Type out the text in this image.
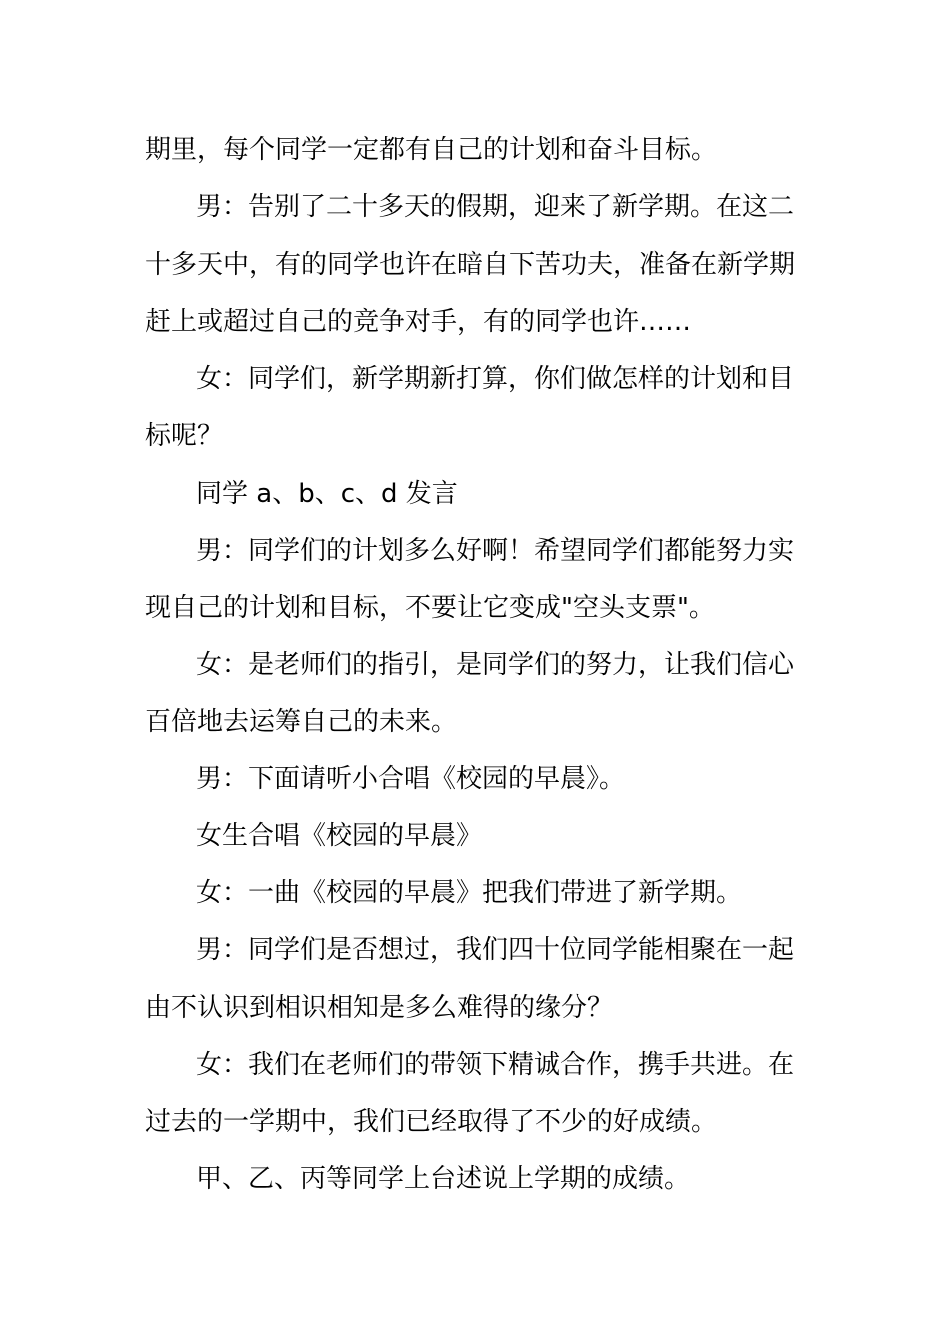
期里，每个同学一定都有自己的计划和奋斗目标。
男：告别了二十多天的假期，迎来了新学期。在这二
十多天中，有的同学也许在暗自下苦功夫，准备在新学期
赶上或超过自己的竞争对手，有的同学也许……
女：同学们，新学期新打算，你们做怎样的计划和目
标呢？
同学 a、b、c、d 发言
男：同学们的计划多么好啊！希望同学们都能努力实
现自己的计划和目标，不要让它变成"空头支票"。
女：是老师们的指引，是同学们的努力，让我们信心
百倍地去运筹自己的未来。
男：下面请听小合唱《校园的早晨》。
女生合唱《校园的早晨》
女：一曲《校园的早晨》把我们带进了新学期。
男：同学们是否想过，我们四十位同学能相聚在一起
由不认识到相识相知是多么难得的缘分？
女：我们在老师们的带领下精诚合作，携手共进。在
过去的一学期中，我们已经取得了不少的好成绩。
甲、乙、丙等同学上台述说上学期的成绩。
